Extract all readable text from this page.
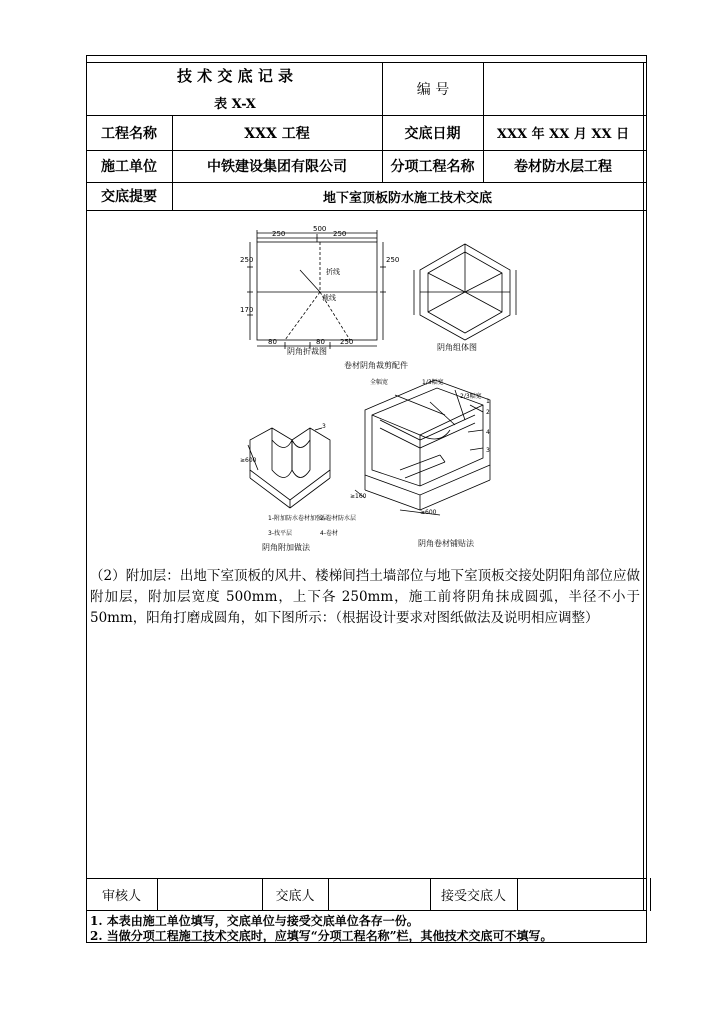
技 术 交 底 记 录
表 X-X
编 号
工程名称	XXX 工程	交底日期	XXX 年 XX 月 XX 日
施工单位	中铁建设集团有限公司	分项工程名称	卷材防水层工程
交底提要	地下室顶板防水施工技术交底
250
500
250
250	250
170
80	80 250
折线
裁线
全幅宽	1/3幅宽
2/3幅宽
1
2
3
4
≥600
≥160
≥600
3
1-附加防水卷材加强层
2-卷材防水层
3-找平层	4-卷材
阴角折裁图	阴角组体图
卷材阴角裁剪配件
阴角附加做法	阴角卷材铺贴法
（2）附加层：出地下室顶板的风井、楼梯间挡土墙部位与地下室顶板交接处阴阳角部位应做附加层，附加层宽度 500mm，上下各 250mm，施工前将阴角抹成圆弧，半径不小于 50mm，阳角打磨成圆角，如下图所示：（根据设计要求对图纸做法及说明相应调整）
审核人	交底人	接受交底人
1. 本表由施工单位填写，交底单位与接受交底单位各存一份。
2. 当做分项工程施工技术交底时，应填写“分项工程名称”栏，其他技术交底可不填写。
